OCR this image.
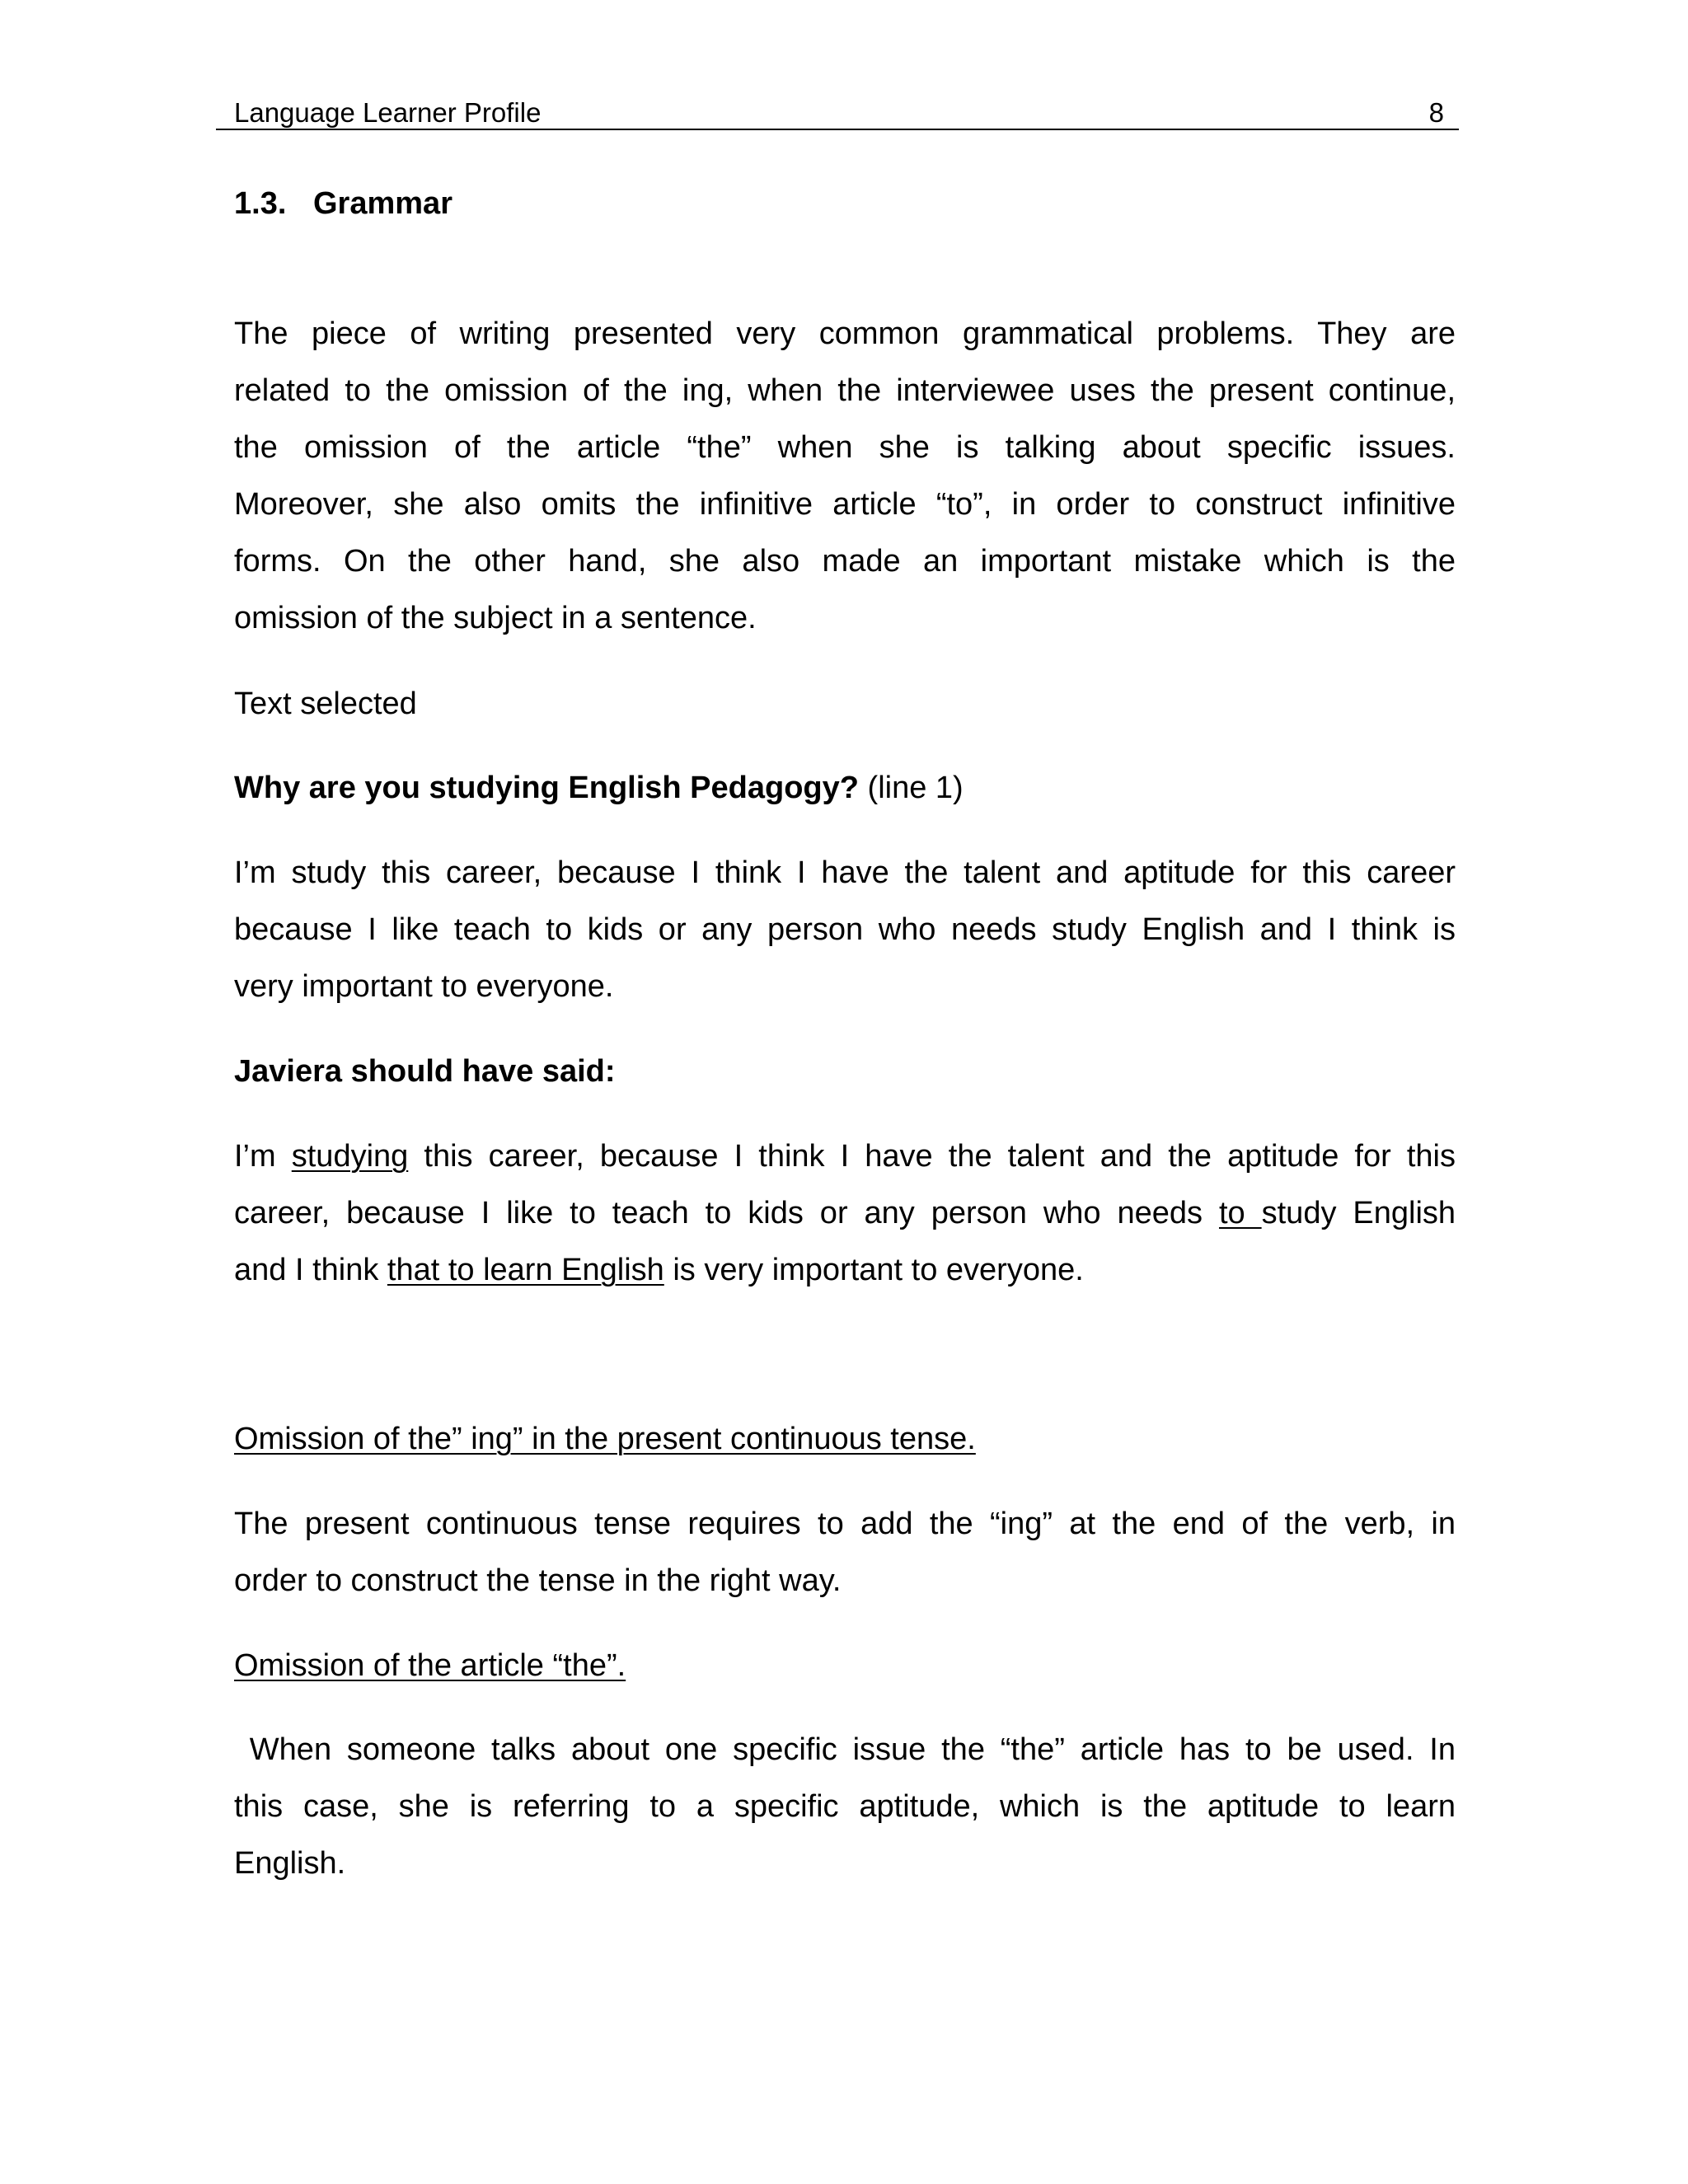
Language Learner Profile	8
1.3. Grammar

The piece of writing presented very common grammatical problems. They are

related to the omission of the ing, when the interviewee uses the present continue,

the omission of the article “the” when she is talking about specific issues.

Moreover, she also omits the infinitive article “to”, in order to construct infinitive

forms. On the other hand, she also made an important mistake which is the

omission of the subject in a sentence.

Text selected

Why are you studying English Pedagogy? (line 1)

I’m study this career, because I think I have the talent and aptitude for this career

because I like teach to kids or any person who needs study English and I think is

very important to everyone.

Javiera should have said:

I’m studying this career, because I think I have the talent and the aptitude for this

career, because I like to teach to kids or any person who needs to study English

and I think that to learn English is very important to everyone.

Omission of the” ing” in the present continuous tense.

The present continuous tense requires to add the “ing” at the end of the verb, in

order to construct the tense in the right way.

Omission of the article “the”.

When someone talks about one specific issue the “the” article has to be used. In

this case, she is referring to a specific aptitude, which is the aptitude to learn

English.
